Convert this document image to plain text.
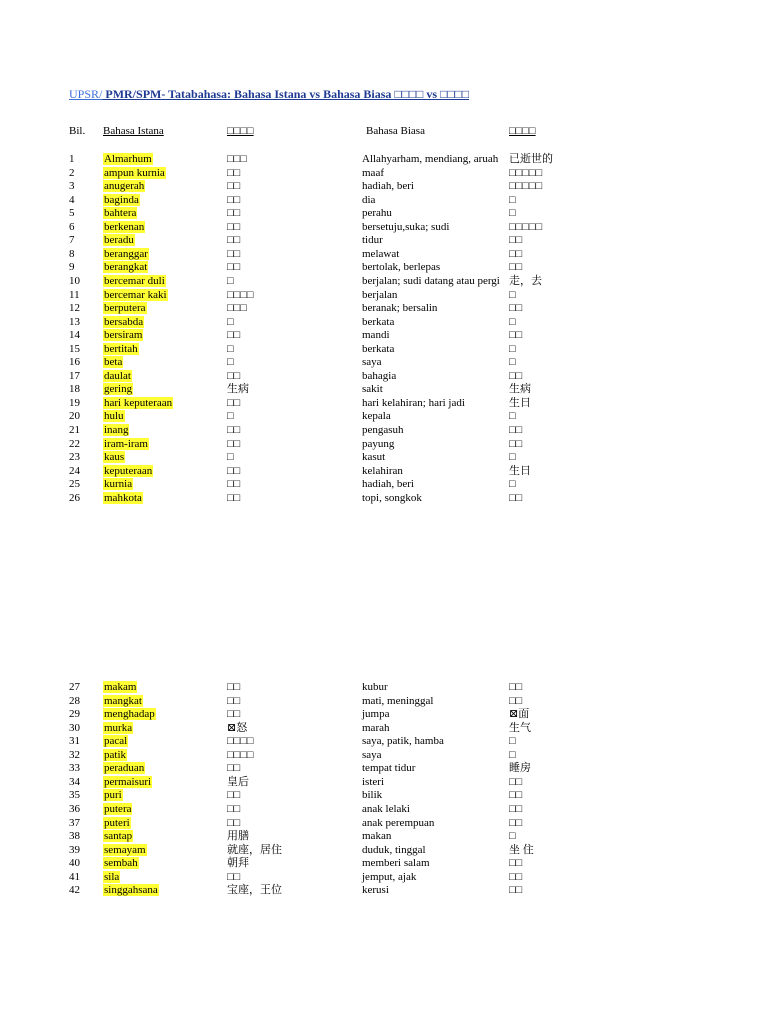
UPSR/ PMR/SPM- Tatabahasa: Bahasa Istana vs Bahasa Biasa □□□□ vs □□□□
Bil. Bahasa Istana	□□□□	Bahasa Biasa	□□□□
1	Almarhum	□□□	Allahyarham, mendiang, aruah 已逝世的
2	ampun kurnia	□□	maaf	□□□□□
3	anugerah	□□	hadiah, beri	□□□□□
4	baginda	□□	dia	□
5	bahtera	□□	perahu	□
6	berkenan	□□	bersetuju,suka; sudi	□□□□□
7	beradu	□□	tidur	□□
8	beranggar	□□	melawat	□□
9	berangkat	□□	bertolak, berlepas	□□
10 bercemar duli	□	berjalan; sudi datang atau pergi 走，去
11 bercemar kaki	□□□□	berjalan	□
12 berputera	□□□	beranak; bersalin	□□
13 bersabda	□	berkata	□
14 bersiram	□□	mandi	□□
15 bertitah	□	berkata	□
16 beta	□	saya	□
17 daulat	□□	bahagia	□□
18 gering	生病	sakit	生病
19 hari keputeraan	□□	hari kelahiran; hari jadi	生日
20 hulu	□	kepala	□
21 inang	□□	pengasuh	□□
22 iram-iram	□□	payung	□□
23 kaus	□	kasut	□
24 keputeraan	□□	kelahiran	生日
25 kurnia	□□	hadiah, beri	□
26 mahkota	□□	topi, songkok	□□
27 makam	□□	kubur	□□
28 mangkat	□□	mati, meninggal	□□
29 menghadap	□□	jumpa	⊠面
30 murka	⊠怒	marah	生气
31 pacal	□□□□	saya, patik, hamba	□
32 patik	□□□□	saya	□
33 peraduan	□□	tempat tidur	睡房
34 permaisuri	皇后	isteri	□□
35 puri	□□	bilik	□□
36 putera	□□	anak lelaki	□□
37 puteri	□□	anak perempuan	□□
38 santap	用膳	makan	□
39 semayam	就座，居住	duduk, tinggal	坐 住
40 sembah	朝拜	memberi salam	□□
41 sila	□□	jemput, ajak	□□
42 singgahsana	宝座，王位	kerusi	□□
